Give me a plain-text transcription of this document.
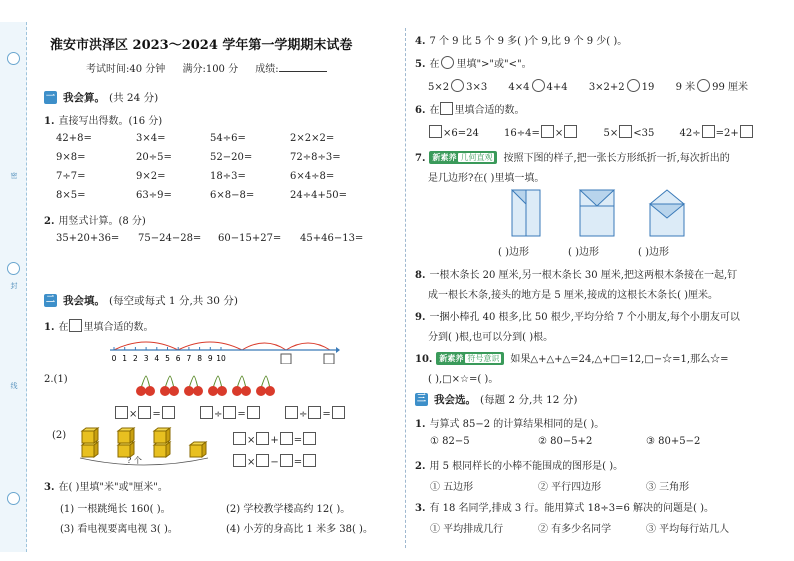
密
封
线
淮安市洪泽区 2023～2024 学年第一学期期末试卷
考试时间:40 分钟 满分:100 分 成绩:
一 我会算。 (共 24 分)
1. 直接写出得数。(16 分)
2. 用竖式计算。(8 分)
二 我会填。 (每空或每式 1 分,共 30 分)
1. 在 里填合适的数。
0 1 2 3 4 5 6 7 8 9 10
2.(1)
× =	÷ =	÷ =
(2)
? 个
× + =
× − =
3. 在( )里填"米"或"厘米"。
(1) 一根跳绳长 160( )。	(2) 学校教学楼高约 12( )。
(3) 看电视要离电视 3( )。	(4) 小芳的身高比 1 米多 38( )。
4. 7 个 9 比 5 个 9 多( )个 9,比 9 个 9 少( )。
5. 在 里填">"或"<"。
5×2 3×3 4×4 4+4 3×2+2 19 9 米 99 厘米
6. 在 里填合适的数。
×6=24	16÷4= ×	5× <35	42÷ =2+
7. 新素养 几何直观 按照下图的样子,把一张长方形纸折一折,每次折出的
是几边形?在( )里填一填。
( )边形	( )边形	( )边形
8. 一根木条长 20 厘米,另一根木条长 30 厘米,把这两根木条接在一起,钉
成一根长木条,接头的地方是 5 厘米,接成的这根长木条长( )厘米。
9. 一捆小棒孔 40 根多,比 50 根少,平均分给 7 个小朋友,每个小朋友可以
分到( )根,也可以分到( )根。
10. 新素养 符号意识 如果△+△+△=24,△+□=12,□−☆=1,那么☆=
( ),□×☆=( )。
三 我会选。 (每题 2 分,共 12 分)
1. 与算式 85−2 的计算结果相同的是( )。
① 82−5	② 80−5+2	③ 80+5−2
2. 用 5 根同样长的小棒不能围成的图形是( )。
① 五边形	② 平行四边形	③ 三角形
3. 有 18 名同学,排成 3 行。能用算式 18÷3=6 解决的问题是( )。
① 平均排成几行	② 有多少名同学	③ 平均每行站几人
42+8=	3×4=	54÷6=	2×2×2=
9×8=	20÷5=	52−20=	72÷8÷3=
7÷7=	9×2=	18÷3=	6×4÷8=
8×5=	63÷9=	6×8−8=	24÷4+50=
35+20+36= 75−24−28= 60−15+27= 45+46−13=
